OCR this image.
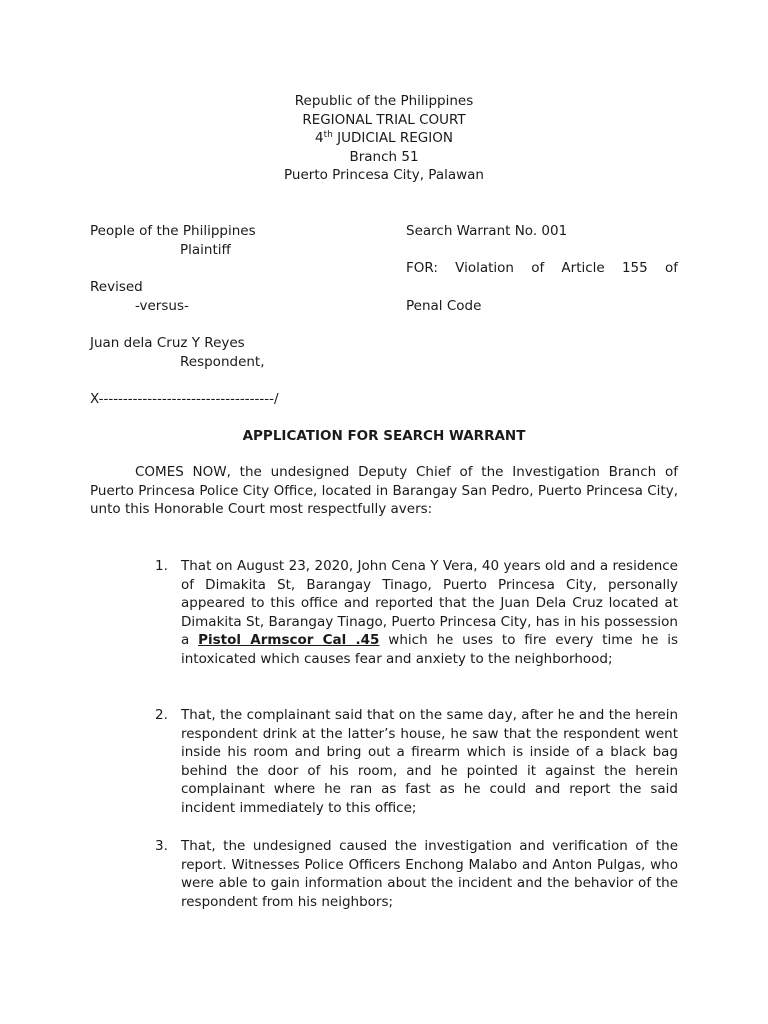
Republic of the Philippines
REGIONAL TRIAL COURT
4th JUDICIAL REGION
Branch 51
Puerto Princesa City, Palawan
People of the Philippines
Plaintiff
Revised
-versus-
Juan dela Cruz Y Reyes
Respondent,
X------------------------------------/
Search Warrant No. 001
FOR: Violation of Article 155 of
Penal Code
APPLICATION FOR SEARCH WARRANT

COMES NOW, the undesigned Deputy Chief of the Investigation Branch of Puerto Princesa Police City Office, located in Barangay San Pedro, Puerto Princesa City, unto this Honorable Court most respectfully avers:

1. That on August 23, 2020, John Cena Y Vera, 40 years old and a residence of Dimakita St, Barangay Tinago, Puerto Princesa City, personally appeared to this office and reported that the Juan Dela Cruz located at Dimakita St, Barangay Tinago, Puerto Princesa City, has in his possession a Pistol Armscor Cal .45 which he uses to fire every time he is intoxicated which causes fear and anxiety to the neighborhood;
2. That, the complainant said that on the same day, after he and the herein respondent drink at the latter’s house, he saw that the respondent went inside his room and bring out a firearm which is inside of a black bag behind the door of his room, and he pointed it against the herein complainant where he ran as fast as he could and report the said incident immediately to this office;
3. That, the undesigned caused the investigation and verification of the report. Witnesses Police Officers Enchong Malabo and Anton Pulgas, who were able to gain information about the incident and the behavior of the respondent from his neighbors;
